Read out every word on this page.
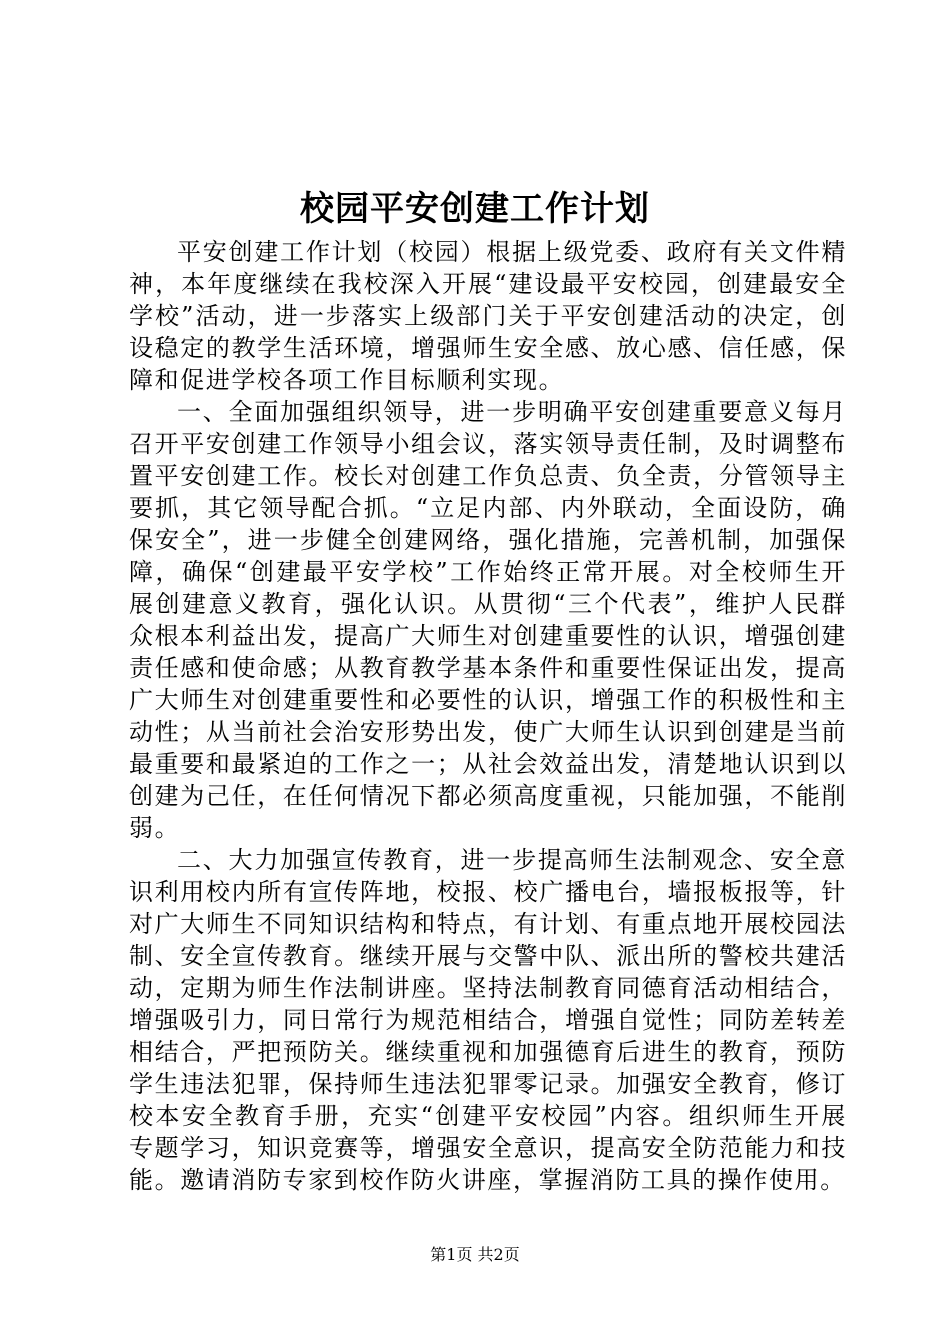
校园平安创建工作计划

平安创建工作计划（校园）根据上级党委、政府有关文件精神，本年度继续在我校深入开展“建设最平安校园，创建最安全学校”活动，进一步落实上级部门关于平安创建活动的决定，创设稳定的教学生活环境，增强师生安全感、放心感、信任感，保障和促进学校各项工作目标顺利实现。

一、全面加强组织领导，进一步明确平安创建重要意义每月召开平安创建工作领导小组会议，落实领导责任制，及时调整布置平安创建工作。校长对创建工作负总责、负全责，分管领导主要抓，其它领导配合抓。“立足内部、内外联动，全面设防，确保安全”，进一步健全创建网络，强化措施，完善机制，加强保障，确保“创建最平安学校”工作始终正常开展。对全校师生开展创建意义教育，强化认识。从贯彻“三个代表”，维护人民群众根本利益出发，提高广大师生对创建重要性的认识，增强创建责任感和使命感；从教育教学基本条件和重要性保证出发，提高广大师生对创建重要性和必要性的认识，增强工作的积极性和主动性；从当前社会治安形势出发，使广大师生认识到创建是当前最重要和最紧迫的工作之一；从社会效益出发，清楚地认识到以创建为己任，在任何情况下都必须高度重视，只能加强，不能削弱。

二、大力加强宣传教育，进一步提高师生法制观念、安全意识利用校内所有宣传阵地，校报、校广播电台，墙报板报等，针对广大师生不同知识结构和特点，有计划、有重点地开展校园法制、安全宣传教育。继续开展与交警中队、派出所的警校共建活动，定期为师生作法制讲座。坚持法制教育同德育活动相结合，增强吸引力，同日常行为规范相结合，增强自觉性；同防差转差相结合，严把预防关。继续重视和加强德育后进生的教育，预防学生违法犯罪，保持师生违法犯罪零记录。加强安全教育，修订校本安全教育手册，充实“创建平安校园”内容。组织师生开展专题学习，知识竞赛等，增强安全意识，提高安全防范能力和技能。邀请消防专家到校作防火讲座，掌握消防工具的操作使用。

第1页 共2页
